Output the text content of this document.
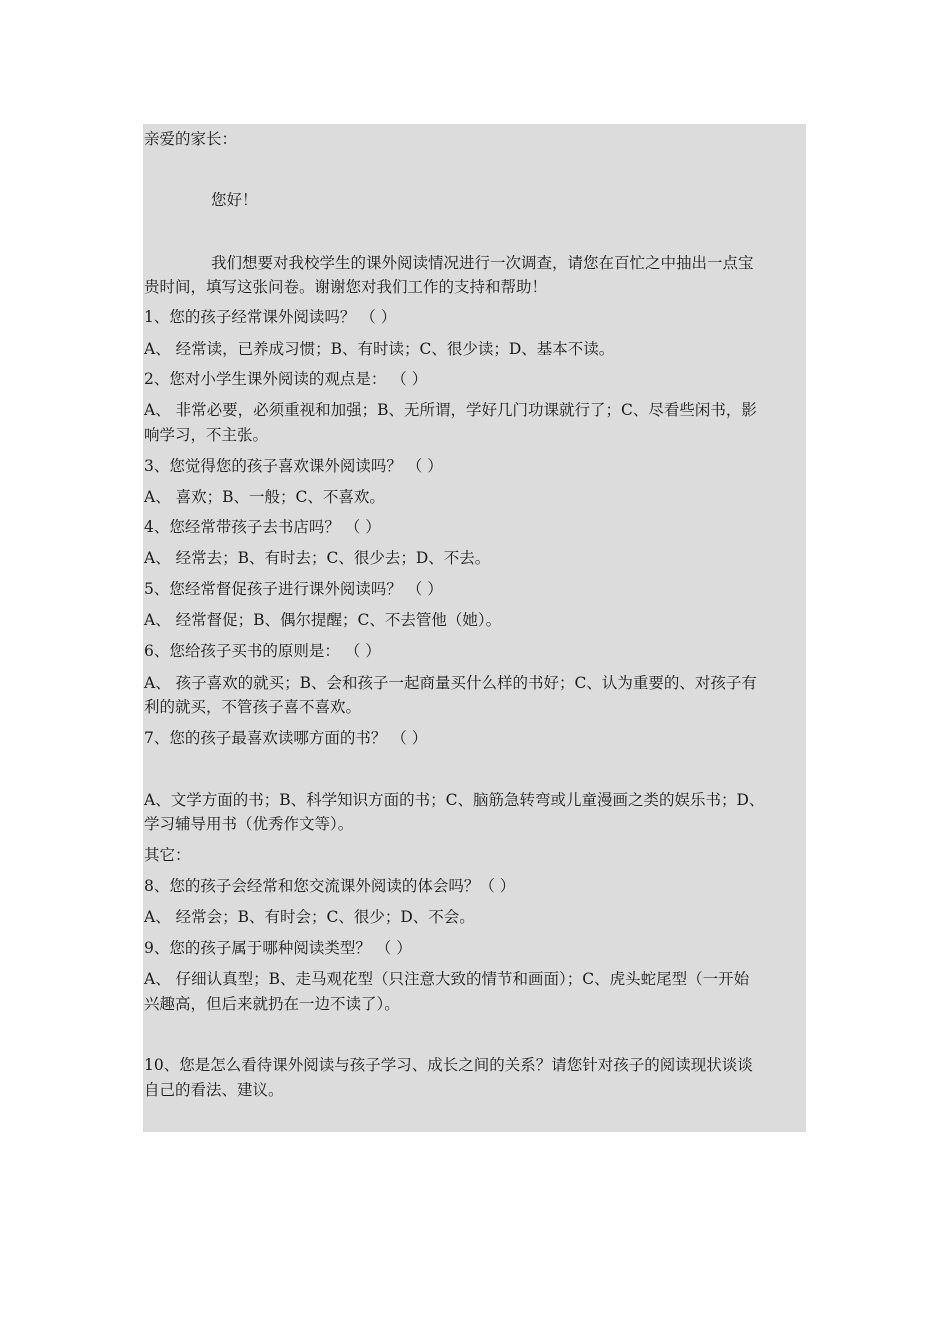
亲爱的家长：
您好！
我们想要对我校学生的课外阅读情况进行一次调查，请您在百忙之中抽出一点宝
贵时间，填写这张问卷。谢谢您对我们工作的支持和帮助！
1、您的孩子经常课外阅读吗？ （ ）
A、 经常读，已养成习惯；B、有时读；C、很少读；D、基本不读。
2、您对小学生课外阅读的观点是： （ ）
A、 非常必要，必须重视和加强；B、无所谓，学好几门功课就行了；C、尽看些闲书，影
响学习，不主张。
3、您觉得您的孩子喜欢课外阅读吗？ （ ）
A、 喜欢；B、一般；C、不喜欢。
4、您经常带孩子去书店吗？ （ ）
A、 经常去；B、有时去；C、很少去；D、不去。
5、您经常督促孩子进行课外阅读吗？ （ ）
A、 经常督促；B、偶尔提醒；C、不去管他（她）。
6、您给孩子买书的原则是： （ ）
A、 孩子喜欢的就买；B、会和孩子一起商量买什么样的书好；C、认为重要的、对孩子有
利的就买，不管孩子喜不喜欢。
7、您的孩子最喜欢读哪方面的书？ （ ）
A、文学方面的书；B、科学知识方面的书；C、脑筋急转弯或儿童漫画之类的娱乐书；D、
学习辅导用书（优秀作文等）。
其它：
8、您的孩子会经常和您交流课外阅读的体会吗？（ ）
A、 经常会；B、有时会；C、很少；D、不会。
9、您的孩子属于哪种阅读类型？ （ ）
A、 仔细认真型；B、走马观花型（只注意大致的情节和画面）；C、虎头蛇尾型（一开始
兴趣高，但后来就扔在一边不读了）。
10、您是怎么看待课外阅读与孩子学习、成长之间的关系？请您针对孩子的阅读现状谈谈
自己的看法、建议。
